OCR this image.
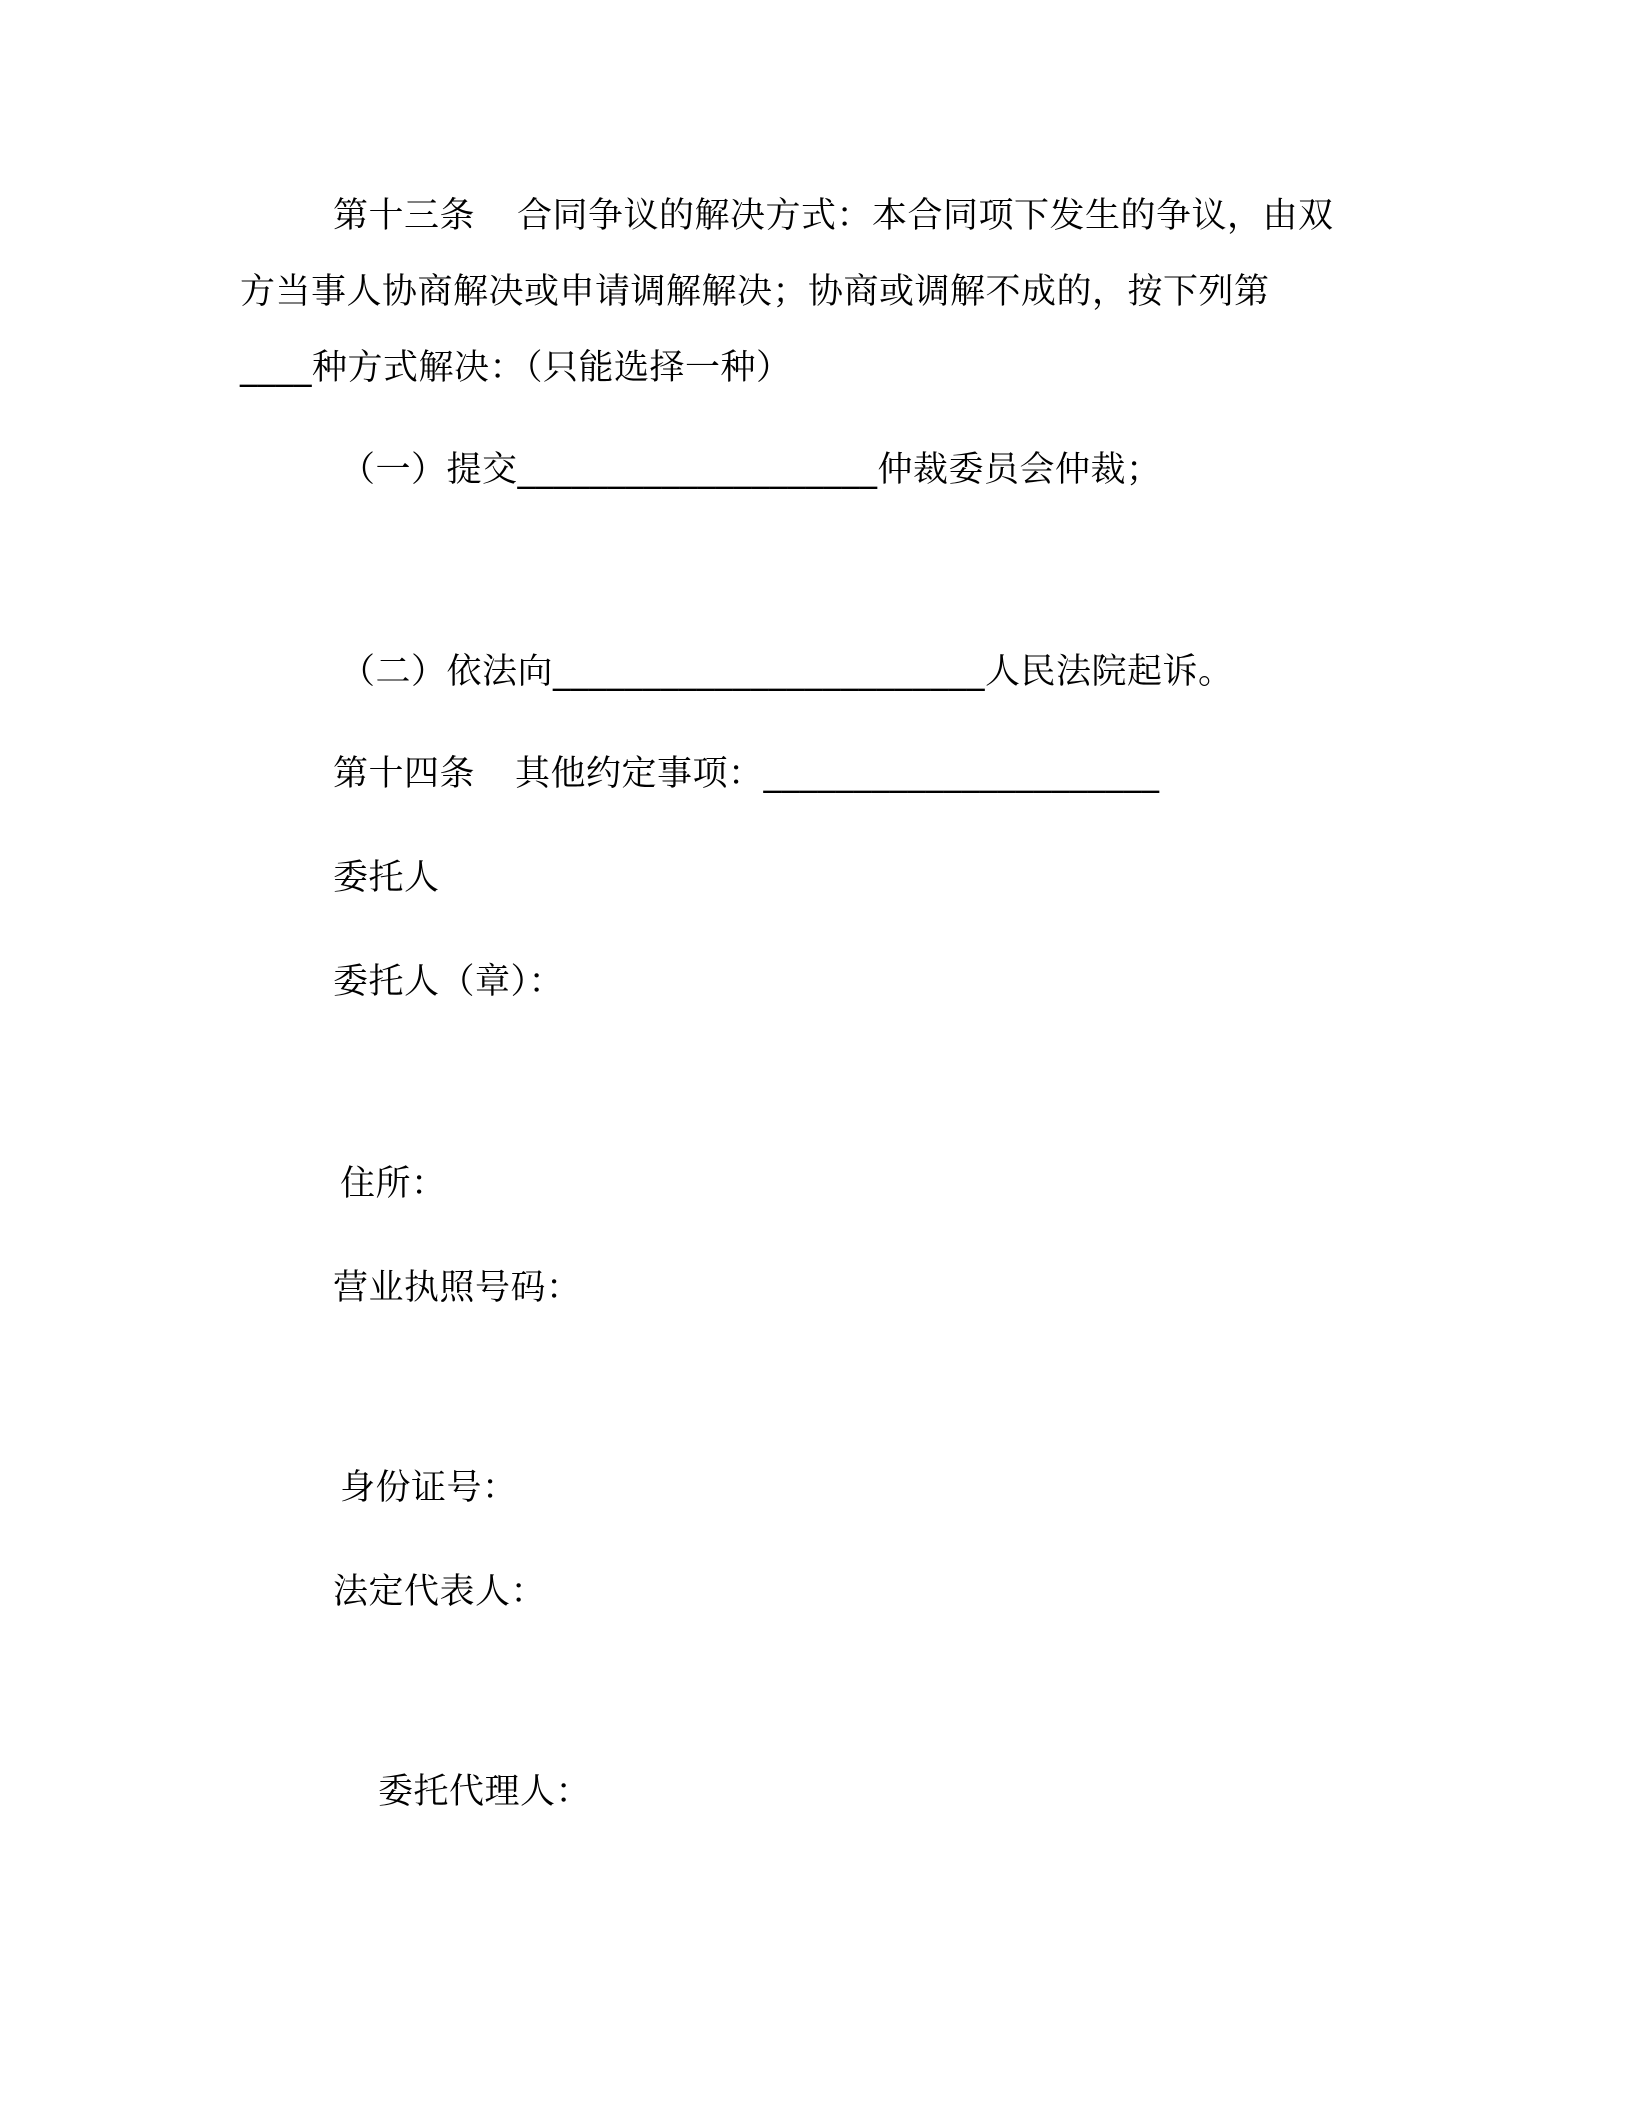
第十三条 合同争议的解决方式：本合同项下发生的争议，由双
方当事人协商解决或申请调解解决；协商或调解不成的，按下列第
____种方式解决：（只能选择一种）
（一）提交____________________仲裁委员会仲裁；
（二）依法向________________________人民法院起诉。
第十四条 其他约定事项：______________________
委托人
委托人（章）：
住所：
营业执照号码：
身份证号：
法定代表人：
委托代理人：
